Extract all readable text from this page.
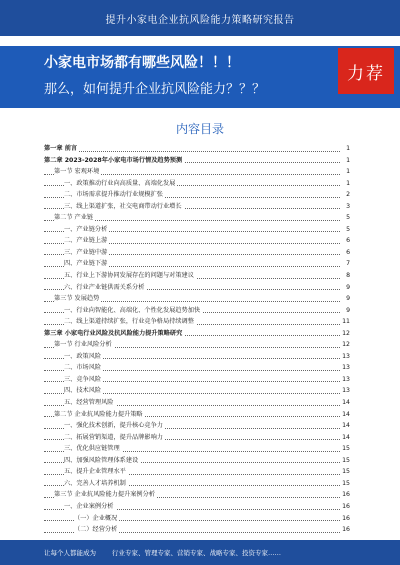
提升小家电企业抗风险能力策略研究报告
小家电市场都有哪些风险！！！
那么，如何提升企业抗风险能力？？？
力荐
内容目录
第一章 前言	1
第二章 2023-2028年小家电市场行情及趋势预测	1
第一节 宏观环境	1
一、政策推动行业向高质量、高端化发展	1
二、市场需求提升推动行业规模扩张	2
三、线上渠道扩张，社交电商带动行业增长	3
第二节 产业链	5
一、产业链分析	5
二、产业链上游	6
三、产业链中游	6
四、产业链下游	7
五、行业上下游协同发展存在的问题与对策建议	8
六、行业产业链供需关系分析	9
第三节 发展趋势	9
一、行业向智能化、高端化、个性化发展趋势加快	9
二、线上渠道持续扩张，行业竞争格局持续调整	11
第三章 小家电行业风险及抗风险能力提升策略研究	12
第一节 行业风险分析	12
一、政策风险	13
二、市场风险	13
三、竞争风险	13
四、技术风险	13
五、经营管理风险	14
第二节 企业抗风险能力提升策略	14
一、强化技术创新，提升核心竞争力	14
二、拓展营销渠道，提升品牌影响力	14
三、优化供应链管理	15
四、加强风险管理体系建设	15
五、提升企业管理水平	15
六、完善人才培养机制	15
第三节 企业抗风险能力提升案例分析	16
一、企业案例分析	16
（一）企业概况	16
（二）经营分析	16
让每个人都能成为 行业专家、管理专家、营销专家、战略专家、投资专家……
